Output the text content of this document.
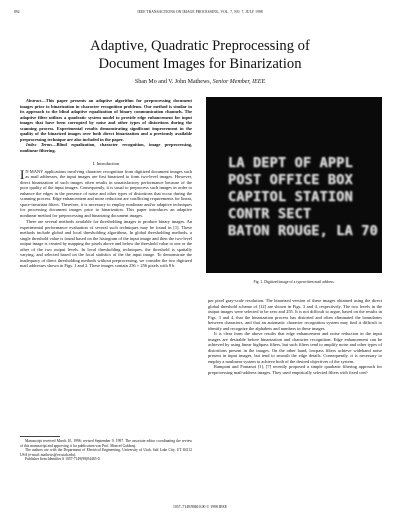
892	IEEE TRANSACTIONS ON IMAGE PROCESSING, VOL. 7, NO. 7, JULY 1998
Adaptive, Quadratic Preprocessing of
Document Images for Binarization
Shan Mo and V. John Mathews, Senior Member, IEEE

Abstract—This paper presents an adaptive algorithm for preprocessing document images prior to binarization in character recognition problems. Our method is similar in its approach to the blind adaptive equalization of binary communication channels. The adaptive filter utilizes a quadratic system model to provide edge enhancement for input images that have been corrupted by noise and other types of distortions during the scanning process. Experimental results demonstrating significant improvement in the quality of the binarized images over both direct binarization and a previously available preprocessing technique are also included in the paper.

Index Terms—Blind equalization, character recognition, image preprocessing, nonlinear filtering.

I. Introduction

I N MANY applications involving character recognition from digitized document images such as mail addresses, the input images are first binarized to form two-level images. However, direct binarization of such images often results in unsatisfactory performance because of the poor quality of the input images. Consequently, it is usual to preprocess such images in order to enhance the edges in the presence of noise and other types of distortions that occur during the scanning process. Edge enhancement and noise reduction are conflicting requirements for linear, space-invariant filters. Therefore, it is necessary to employ nonlinear and/or adaptive techniques for processing document images prior to binarization. This paper introduces an adaptive nonlinear method for preprocessing and binarizing document images.

There are several methods available for thresholding images to produce binary images. An experimental performance evaluation of several such techniques may be found in [1]. These methods include global and local thresholding algorithms. In global thresholding methods, a single threshold value is found based on the histogram of the input image and then the two-level output image is created by mapping the pixels above and below the threshold value to one or the other of the two output levels. In local thresholding techniques, the threshold is spatially varying, and selected based on the local statistics of the the input image. To demonstrate the inadequacy of direct thresholding methods without preprocessing, we consider the two digitized mail addresses shown in Figs. 1 and 2. These images contain 256 × 256 pixels with 8 b

Manuscript received March 10, 1996; revised September 9, 1997. The associate editor coordinating the review of this manuscript and approving it for publication was Prof. Moncef Gabbouj.

The authors are with the Department of Electrical Engineering, University of Utah, Salt Lake City, UT 84112 USA (e-mail: mathews@ee.utah.edu).

Publisher Item Identifier S 1057-7149(98)04465-0.

LA DEPT OF APPL
POST OFFICE BOX
CAPITOL STATION
CONTR SECT
BATON ROUGE, LA 70
Fig. 1. Digitized image of a typewritten mail address.

per pixel gray-scale resolution. The binarized version of these images obtained using the direct global threshold scheme of [12] are shown in Figs. 3 and 4, respectively. The two levels in the output images were selected to be zero and 255. It is not difficult to argue, based on the results in Figs. 3 and 4, that the binarization process has distorted and often eliminated the boundaries between characters, and that an automatic character recognition system may find it difficult to identify and recognize the alphabets and numbers in these images.

It is clear from the above results that edge enhancement and noise reduction in the input images are desirable before binarization and character recognition. Edge enhancement can be achieved by using linear highpass filters, but such filters tend to amplify noise and other types of distortions present in the images. On the other hand, lowpass filters achieve wideband noise present in input images, but tend to smooth the edge details. Consequently, it is necessary to employ a nonlinear system to achieve both of the desired objectives of the system.

Ramponi and Fontanot [1], [7] recently proposed a simple quadratic filtering approach for preprocessing mail-address images. They used empirically selected filters with fixed coef-

1057–7149/98$10.00 © 1998 IEEE
